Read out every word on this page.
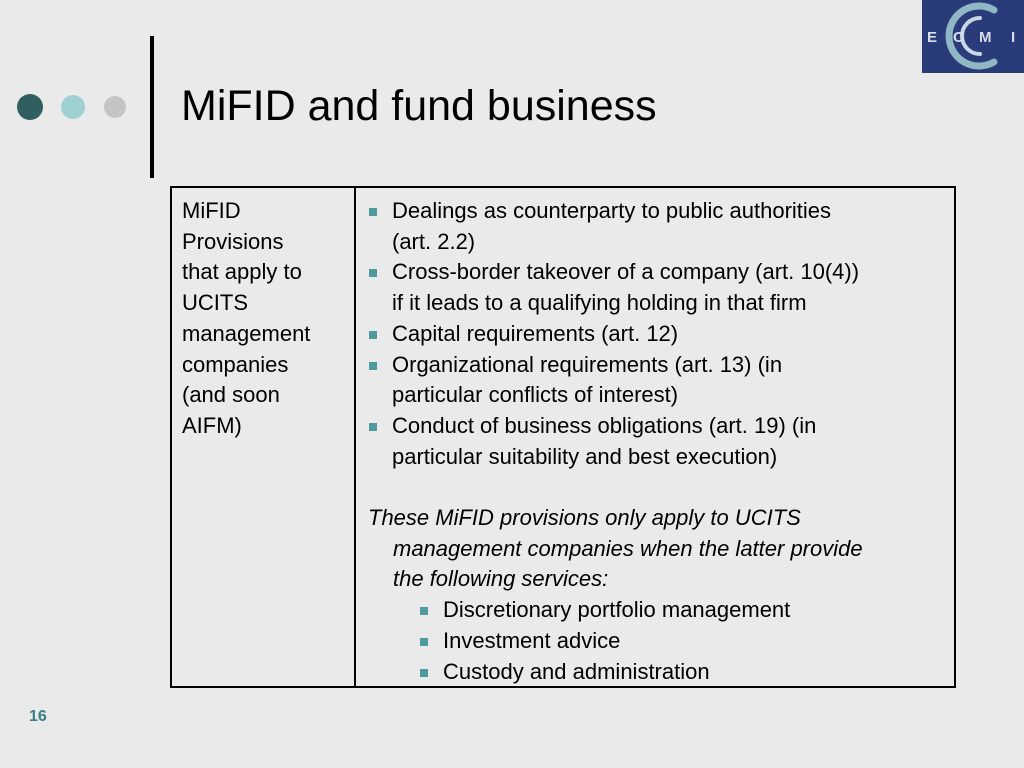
MiFID and fund business
E C M I
MiFID
Provisions
that apply to
UCITS
management
companies
(and soon
AIFM)
Dealings as counterparty to public authorities
(art. 2.2)
Cross-border takeover of a company (art. 10(4))
if it leads to a qualifying holding in that firm
Capital requirements (art. 12)
Organizational requirements (art. 13) (in
particular conflicts of interest)
Conduct of business obligations (art. 19) (in
particular suitability and best execution)
These MiFID provisions only apply to UCITS
management companies when the latter provide
the following services:
Discretionary portfolio management
Investment advice
Custody and administration
16
